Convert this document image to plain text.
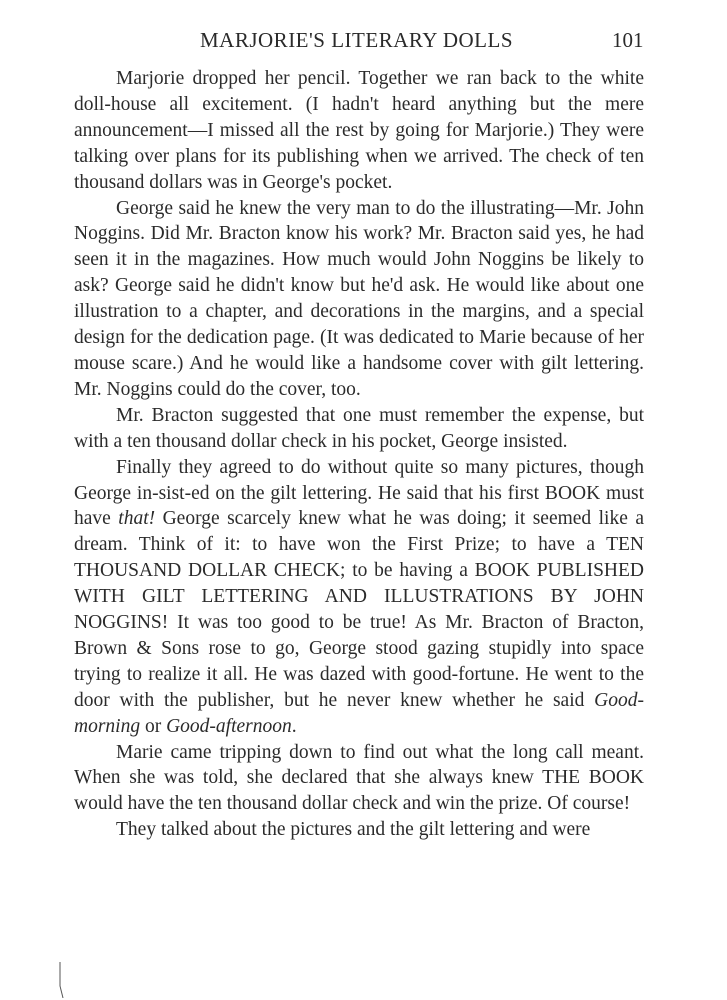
MARJORIE'S LITERARY DOLLS	101

Marjorie dropped her pencil. Together we ran back to the white doll-house all excitement. (I hadn't heard anything but the mere announcement—I missed all the rest by going for Marjorie.) They were talking over plans for its publishing when we arrived. The check of ten thousand dollars was in George's pocket.

George said he knew the very man to do the illustrating—Mr. John Noggins. Did Mr. Bracton know his work? Mr. Bracton said yes, he had seen it in the magazines. How much would John Noggins be likely to ask? George said he didn't know but he'd ask. He would like about one illustration to a chapter, and decorations in the margins, and a special design for the dedication page. (It was dedicated to Marie because of her mouse scare.) And he would like a handsome cover with gilt lettering. Mr. Noggins could do the cover, too.

Mr. Bracton suggested that one must remember the expense, but with a ten thousand dollar check in his pocket, George insisted.

Finally they agreed to do without quite so many pictures, though George in-sist-ed on the gilt lettering. He said that his first BOOK must have that! George scarcely knew what he was doing; it seemed like a dream. Think of it: to have won the First Prize; to have a TEN THOUSAND DOLLAR CHECK; to be having a BOOK PUBLISHED WITH GILT LETTERING AND ILLUSTRATIONS BY JOHN NOGGINS! It was too good to be true! As Mr. Bracton of Bracton, Brown & Sons rose to go, George stood gazing stupidly into space trying to realize it all. He was dazed with good-fortune. He went to the door with the publisher, but he never knew whether he said Good-morning or Good-afternoon.

Marie came tripping down to find out what the long call meant. When she was told, she declared that she always knew THE BOOK would have the ten thousand dollar check and win the prize. Of course!

They talked about the pictures and the gilt lettering and were
